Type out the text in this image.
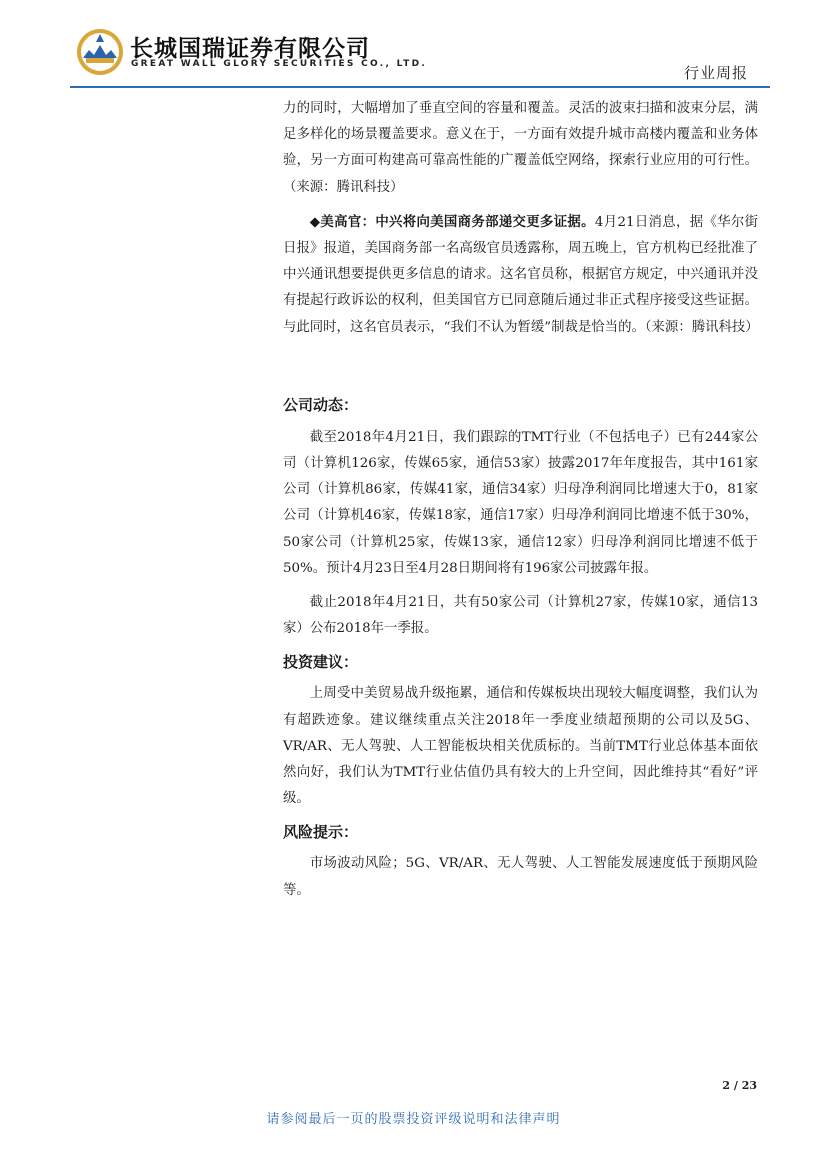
长城国瑞证券有限公司
GREAT WALL GLORY SECURITIES CO., LTD.	行业周报

力的同时，大幅增加了垂直空间的容量和覆盖。灵活的波束扫描和波束分层，满足多样化的场景覆盖要求。意义在于，一方面有效提升城市高楼内覆盖和业务体验，另一方面可构建高可靠高性能的广覆盖低空网络，探索行业应用的可行性。（来源：腾讯科技）

◆美高官：中兴将向美国商务部递交更多证据。4月21日消息，据《华尔街日报》报道，美国商务部一名高级官员透露称，周五晚上，官方机构已经批准了中兴通讯想要提供更多信息的请求。这名官员称，根据官方规定，中兴通讯并没有提起行政诉讼的权利，但美国官方已同意随后通过非正式程序接受这些证据。与此同时，这名官员表示，“我们不认为暂缓”制裁是恰当的。（来源：腾讯科技）

公司动态：

截至2018年4月21日，我们跟踪的TMT行业（不包括电子）已有244家公司（计算机126家，传媒65家，通信53家）披露2017年年度报告，其中161家公司（计算机86家，传媒41家，通信34家）归母净利润同比增速大于0，81家公司（计算机46家，传媒18家，通信17家）归母净利润同比增速不低于30%，50家公司（计算机25家，传媒13家，通信12家）归母净利润同比增速不低于50%。预计4月23日至4月28日期间将有196家公司披露年报。

截止2018年4月21日，共有50家公司（计算机27家，传媒10家，通信13家）公布2018年一季报。

投资建议：

上周受中美贸易战升级拖累，通信和传媒板块出现较大幅度调整，我们认为有超跌迹象。建议继续重点关注2018年一季度业绩超预期的公司以及5G、VR/AR、无人驾驶、人工智能板块相关优质标的。当前TMT行业总体基本面依然向好，我们认为TMT行业估值仍具有较大的上升空间，因此维持其“看好”评级。

风险提示：

市场波动风险；5G、VR/AR、无人驾驶、人工智能发展速度低于预期风险等。

2 / 23
请参阅最后一页的股票投资评级说明和法律声明
